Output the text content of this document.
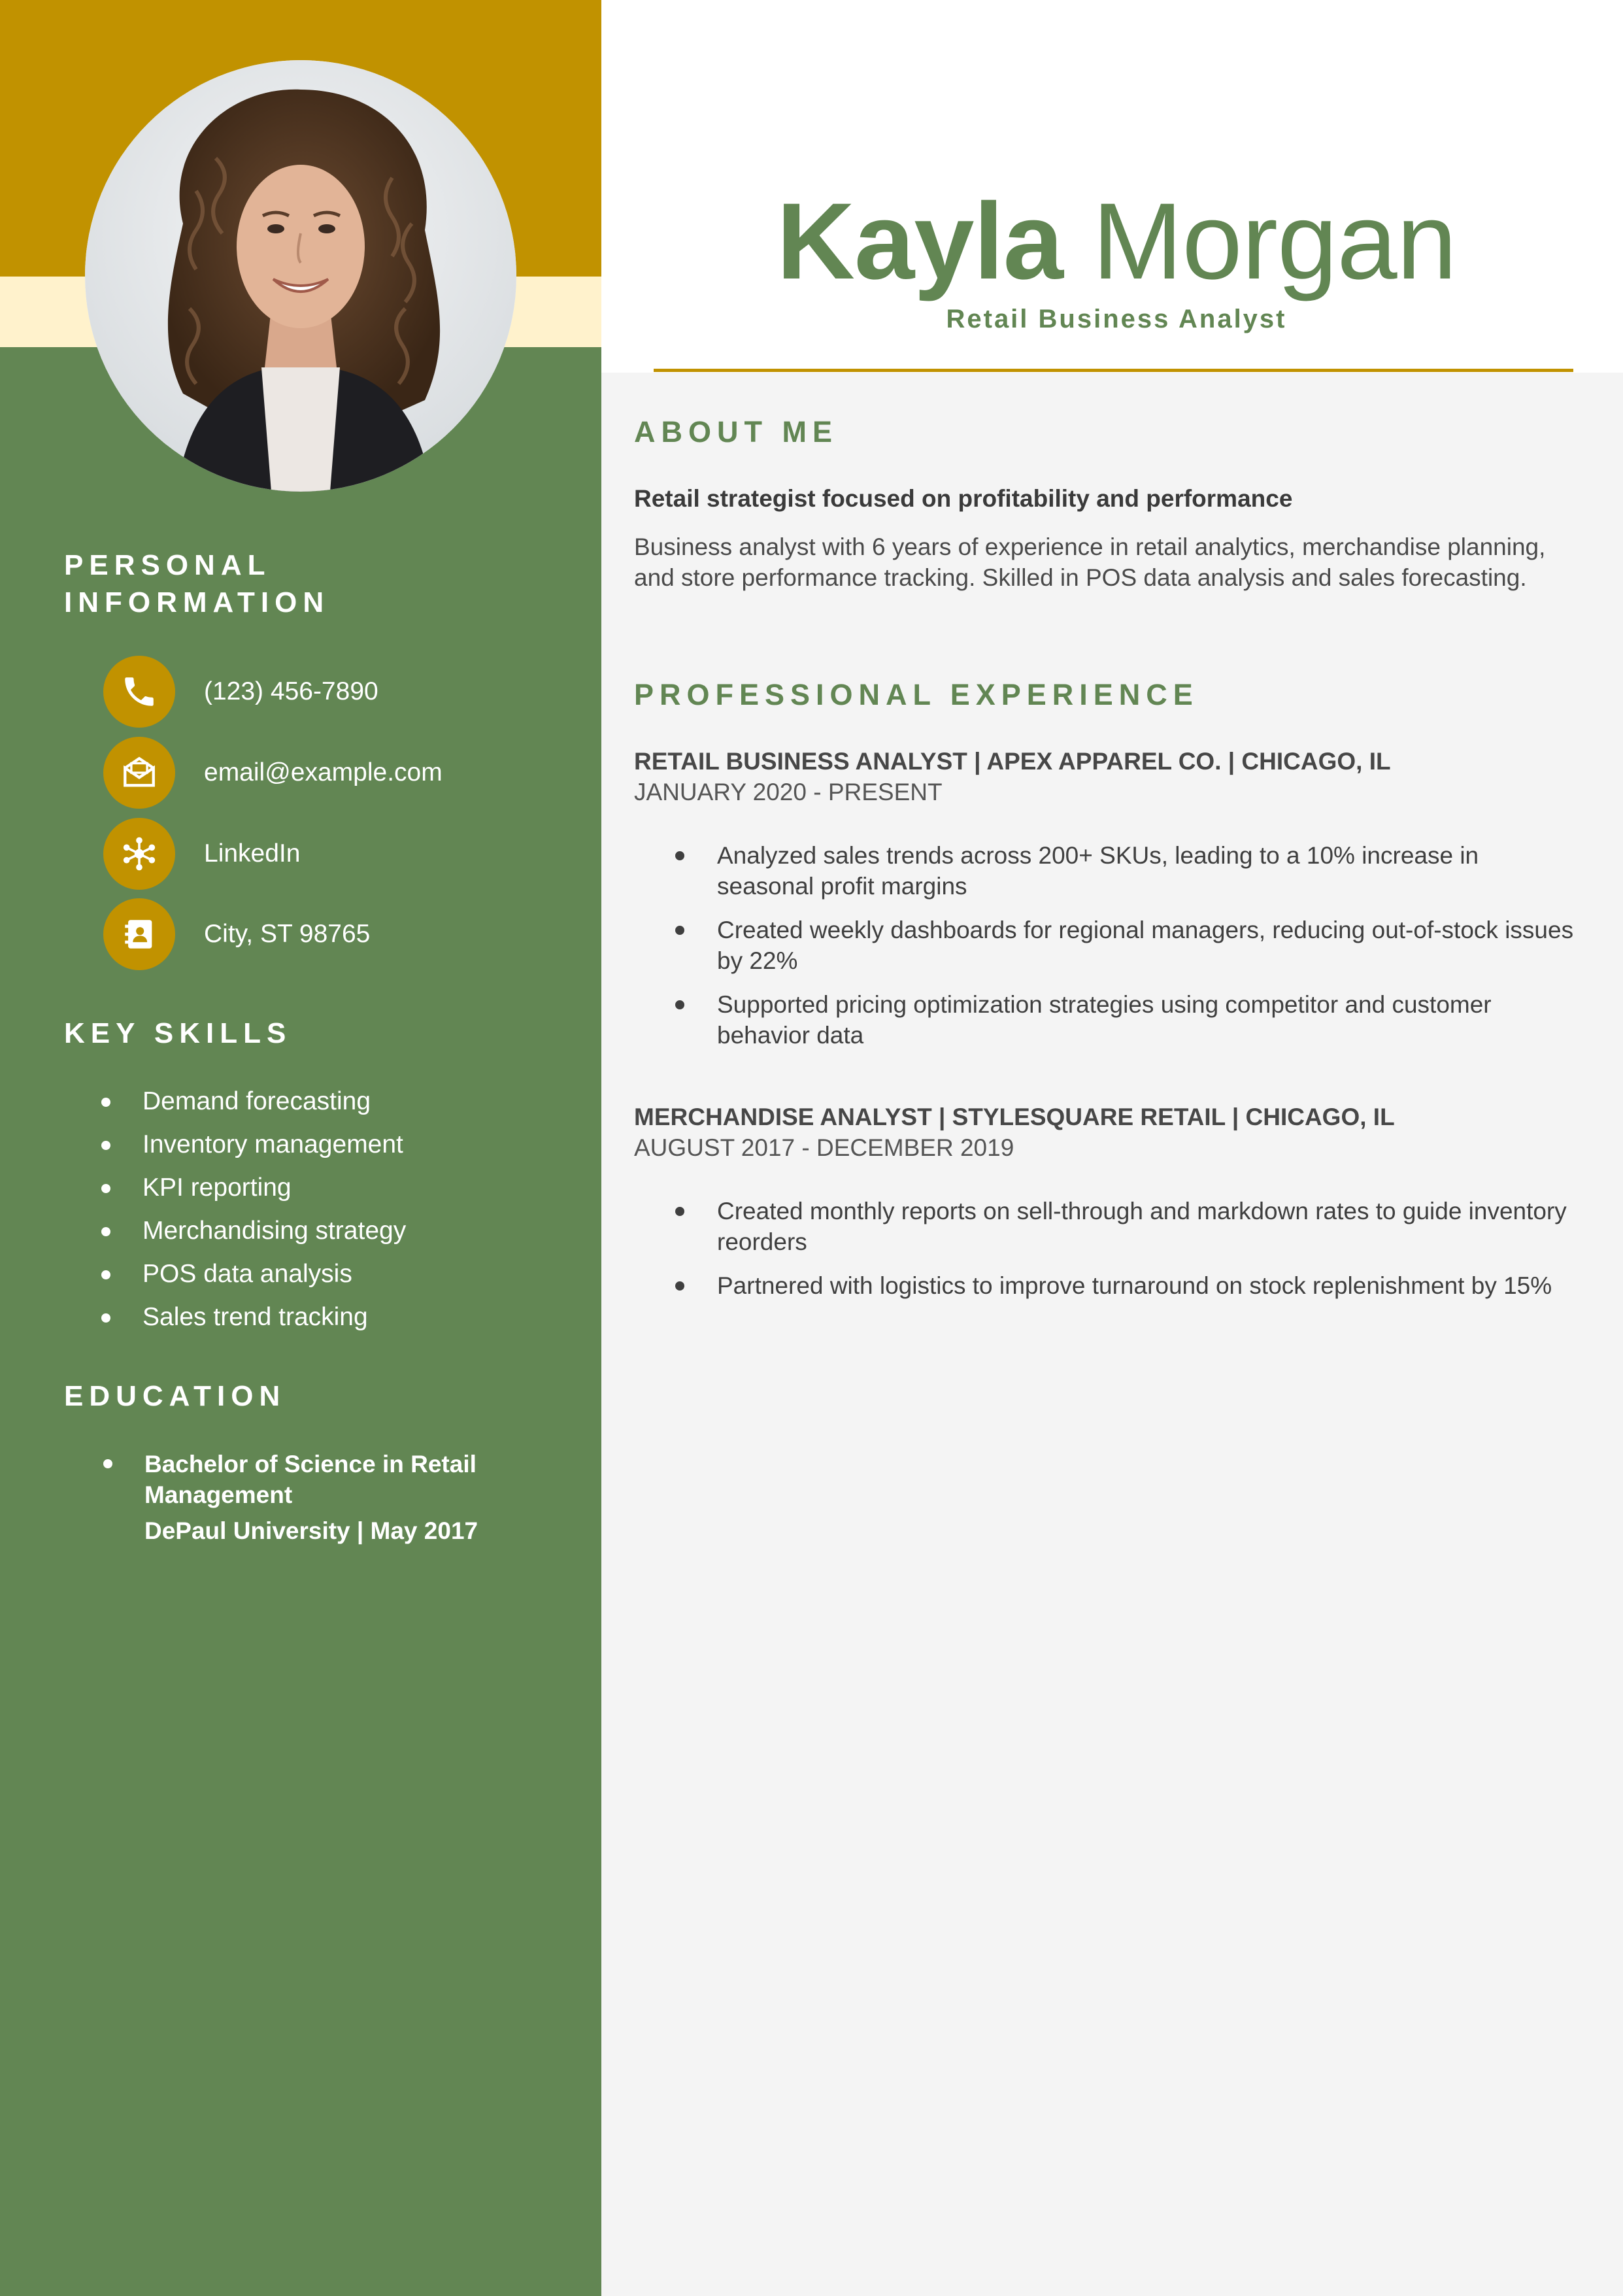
PERSONAL
INFORMATION
(123) 456-7890
email@example.com
LinkedIn
City, ST 98765
KEY SKILLS
Demand forecasting
Inventory management
KPI reporting
Merchandising strategy
POS data analysis
Sales trend tracking
EDUCATION
Bachelor of Science in Retail Management
DePaul University | May 2017
Kayla Morgan
Retail Business Analyst
ABOUT ME
Retail strategist focused on profitability and performance
Business analyst with 6 years of experience in retail analytics, merchandise planning, and store performance tracking. Skilled in POS data analysis and sales forecasting.
PROFESSIONAL EXPERIENCE
RETAIL BUSINESS ANALYST | APEX APPAREL CO. | CHICAGO, IL
JANUARY 2020 - PRESENT
Analyzed sales trends across 200+ SKUs, leading to a 10% increase in seasonal profit margins
Created weekly dashboards for regional managers, reducing out-of-stock issues by 22%
Supported pricing optimization strategies using competitor and customer behavior data
MERCHANDISE ANALYST | STYLESQUARE RETAIL | CHICAGO, IL
AUGUST 2017 - DECEMBER 2019
Created monthly reports on sell-through and markdown rates to guide inventory reorders
Partnered with logistics to improve turnaround on stock replenishment by 15%
